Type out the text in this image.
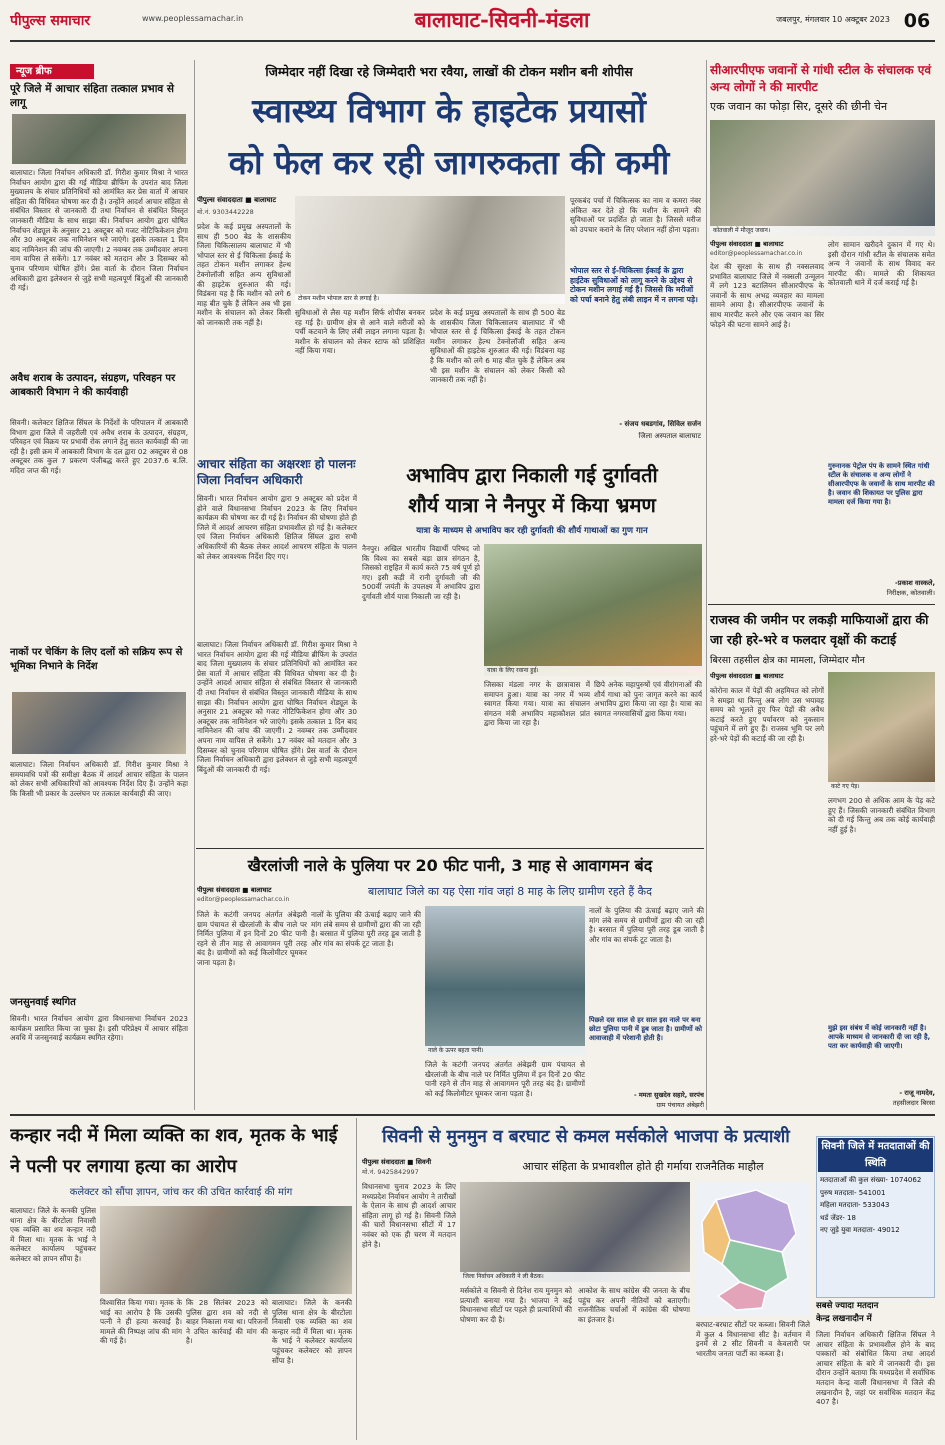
पीपुल्स समाचार	www.peoplessamachar.in	बालाघाट-सिवनी-मंडला	जबलपुर, मंगलवार 10 अक्टूबर 2023 06
न्यूज ब्रीफ
पूरे जिले में आचार संहिता तत्काल प्रभाव से लागू
बालाघाट। जिला निर्वाचन अधिकारी डॉ. गिरीश कुमार मिश्रा ने भारत निर्वाचन आयोग द्वारा की गई मीडिया ब्रीफिंग के उपरांत बाद जिला मुख्यालय के संचार प्रतिनिधियों को आमंत्रित कर प्रेस वार्ता में आचार संहिता की विधिवत घोषणा कर दी है। उन्होंने आदर्श आचार संहिता से संबंधित विस्तार से जानकारी दी तथा निर्वाचन से संबंधित विस्तृत जानकारी मीडिया के साथ साझा की। निर्वाचन आयोग द्वारा घोषित निर्वाचन शेड्यूल के अनुसार 21 अक्टूबर को गजट नोटिफिकेशन होगा और 30 अक्टूबर तक नामिनेशन भरे जाएंगे। इसके तत्काल 1 दिन बाद नामिनेशन की जांच की जाएगी। 2 नवम्बर तक उम्मीदवार अपना नाम वापिस ले सकेंगे। 17 नवंबर को मतदान और 3 दिसम्बर को चुनाव परिणाम घोषित होंगे। प्रेस वार्ता के दौरान जिला निर्वाचन अधिकारी द्वारा इलेक्शन से जुड़े सभी महत्वपूर्ण बिंदुओं की जानकारी दी गई।
अवैध शराब के उत्पादन, संग्रहण, परिवहन पर आबकारी विभाग ने की कार्यवाही
सिवनी। कलेक्टर क्षितिज सिंघल के निर्देशों के परिपालन में आबकारी विभाग द्वारा जिले में जहरीली एवं अवैध शराब के उत्पादन, संग्रहण, परिवहन एवं विक्रय पर प्रभावी रोक लगाने हेतु सतत कार्यवाही की जा रही है। इसी क्रम में आबकारी विभाग के दल द्वारा 02 अक्टूबर से 08 अक्टूबर तक कुल 7 प्रकरण पंजीबद्ध करते हुए 2037.6 ब.लि. मदिरा जप्त की गई।
नाकों पर चेकिंग के लिए दलों को सक्रिय रूप से भूमिका निभाने के निर्देश
बालाघाट। जिला निर्वाचन अधिकारी डॉ. गिरीश कुमार मिश्रा ने समयावधि पत्रों की समीक्षा बैठक में आदर्श आचार संहिता के पालन को लेकर सभी अधिकारियों को आवश्यक निर्देश दिए हैं। उन्होंने कहा कि किसी भी प्रकार के उल्लंघन पर तत्काल कार्यवाही की जाए।
जनसुनवाई स्थगित
सिवनी। भारत निर्वाचन आयोग द्वारा विधानसभा निर्वाचन 2023 कार्यक्रम प्रसारित किया जा चुका है। इसी परिप्रेक्ष्य में आचार संहिता अवधि में जनसुनवाई कार्यक्रम स्थगित रहेगा।
जिम्मेदार नहीं दिखा रहे जिम्मेदारी भरा रवैया, लाखों की टोकन मशीन बनी शोपीस
स्वास्थ्य विभाग के हाइटेक प्रयासों
को फेल कर रही जागरुकता की कमी
पीपुल्स संवाददाता ■ बालाघाट
मो.नं. 9303442228
प्रदेश के कई प्रमुख अस्पतालों के साथ ही 500 बेड के शासकीय जिला चिकित्सालय बालाघाट में भी भोपाल स्तर से ई चिकित्सा ईकाई के तहत टोकन मशीन लगाकर हेल्थ टेक्नोलॉजी सहित अन्य सुविधाओं की हाइटेक शुरुआत की गई। विडंबना यह है कि मशीन को लगे 6 माह बीत चुके हैं लेकिन अब भी इस मशीन के संचालन को लेकर किसी को जानकारी तक नहीं है।
टोकन मशीन भोपाल स्तर से लगाई है।
सुविधाओं से लैस यह मशीन सिर्फ शोपीस बनकर रह गई है। ग्रामीण क्षेत्र से आने वाले मरीजों को पर्ची कटवाने के लिए लंबी लाइन लगाना पड़ता है। मशीन के संचालन को लेकर स्टाफ को प्रशिक्षित नहीं किया गया।
प्रदेश के कई प्रमुख अस्पतालों के साथ ही 500 बेड के शासकीय जिला चिकित्सालय बालाघाट में भी भोपाल स्तर से ई चिकित्सा ईकाई के तहत टोकन मशीन लगाकर हेल्थ टेक्नोलॉजी सहित अन्य सुविधाओं की हाइटेक शुरुआत की गई। विडंबना यह है कि मशीन को लगे 6 माह बीत चुके हैं लेकिन अब भी इस मशीन के संचालन को लेकर किसी को जानकारी तक नहीं है।
पूरकबंद पर्चा में चिकित्सक का नाम व कमरा नंबर अंकित कर देते हो कि मशीन के सामने की सुविधाओं पर प्रदर्शित हो जाता है। जिससे मरीज को उपचार कराने के लिए परेशान नहीं होना पड़ता।
भोपाल स्तर से ई-चिकित्सा ईकाई के द्वारा हाईटेक सुविधाओं को लागू करने के उद्देश्य से टोकन मशीन लगाई गई है। जिससे कि मरीजों को पर्चा बनाने हेतु लंबी लाइन में न लगना पड़े।
- संजय धबडगांव, सिविल सर्जन
जिला अस्पताल बालाघाट
आचार संहिता का अक्षरशः हो पालनः जिला निर्वाचन अधिकारी
सिवनी। भारत निर्वाचन आयोग द्वारा 9 अक्टूबर को प्रदेश में होने वाले विधानसभा निर्वाचन 2023 के लिए निर्वाचन कार्यक्रम की घोषणा कर दी गई है। निर्वाचन की घोषणा होते ही जिले में आदर्श आचरण संहिता प्रभावशील हो गई है। कलेक्टर एवं जिला निर्वाचन अधिकारी क्षितिज सिंघल द्वारा सभी अधिकारियों की बैठक लेकर आदर्श आचरण संहिता के पालन को लेकर आवश्यक निर्देश दिए गए।
बालाघाट। जिला निर्वाचन अधिकारी डॉ. गिरीश कुमार मिश्रा ने भारत निर्वाचन आयोग द्वारा की गई मीडिया ब्रीफिंग के उपरांत बाद जिला मुख्यालय के संचार प्रतिनिधियों को आमंत्रित कर प्रेस वार्ता में आचार संहिता की विधिवत घोषणा कर दी है। उन्होंने आदर्श आचार संहिता से संबंधित विस्तार से जानकारी दी तथा निर्वाचन से संबंधित विस्तृत जानकारी मीडिया के साथ साझा की। निर्वाचन आयोग द्वारा घोषित निर्वाचन शेड्यूल के अनुसार 21 अक्टूबर को गजट नोटिफिकेशन होगा और 30 अक्टूबर तक नामिनेशन भरे जाएंगे। इसके तत्काल 1 दिन बाद नामिनेशन की जांच की जाएगी। 2 नवम्बर तक उम्मीदवार अपना नाम वापिस ले सकेंगे। 17 नवंबर को मतदान और 3 दिसम्बर को चुनाव परिणाम घोषित होंगे। प्रेस वार्ता के दौरान जिला निर्वाचन अधिकारी द्वारा इलेक्शन से जुड़े सभी महत्वपूर्ण बिंदुओं की जानकारी दी गई।
अभाविप द्वारा निकाली गई दुर्गावती
शौर्य यात्रा ने नैनपुर में किया भ्रमण
यात्रा के माध्यम से अभाविप कर रही दुर्गावती की शौर्य गाथाओं का गुण गान
नैनपुर। अखिल भारतीय विद्यार्थी परिषद जो कि विश्व का सबसे बड़ा छात्र संगठन है, जिसको राष्ट्रहित में कार्य करते 75 वर्ष पूर्ण हो गए। इसी कड़ी में रानी दुर्गावती जी की 500वीं जयंती के उपलक्ष्य में अभाविप द्वारा दुर्गावती शौर्य यात्रा निकाली जा रही है।
यात्रा के लिए रवाना हुई।
जिसका मंडला नगर के छात्रावास में समापन हुआ। यात्रा का नगर में भव्य स्वागत किया गया। यात्रा का संचालन संगठन मंत्री अभाविप महाकौशल प्रांत द्वारा किया जा रहा है।
छिपे अनेक महापुरुषों एवं वीरांगनाओं की शौर्य गाथा को पुनः जागृत करने का कार्य अभाविप द्वारा किया जा रहा है। यात्रा का स्वागत नगरवासियों द्वारा किया गया।
सीआरपीएफ जवानों से गांधी स्टील के संचालक एवं अन्य लोगों ने की मारपीट
एक जवान का फोड़ा सिर, दूसरे की छीनी चेन
कोतवाली में मौजूद जवान।
पीपुल्स संवाददाता ■ बालाघाट
editor@peoplessamachar.co.in
देश की सुरक्षा के साथ ही नक्सलवाद प्रभावित बालाघाट जिले में नक्सली उन्मूलन में लगे 123 बटालियन सीआरपीएफ के जवानों के साथ अभद्र व्यवहार का मामला सामने आया है। सीआरपीएफ जवानों के साथ मारपीट करने और एक जवान का सिर फोड़ने की घटना सामने आई है।
लोग सामान खरीदने दुकान में गए थे। इसी दौरान गांधी स्टील के संचालक समेत अन्य ने जवानों के साथ विवाद कर मारपीट की। मामले की शिकायत कोतवाली थाने में दर्ज कराई गई है।
गुरुनानक पेट्रोल पंप के सामने स्थित गांधी स्टील के संचालक व अन्य लोगों ने सीआरपीएफ के जवानों के साथ मारपीट की है। जवान की शिकायत पर पुलिस द्वारा मामला दर्ज किया गया है।
-प्रकाश वास्कले,
निरीक्षक, कोतवाली।
राजस्व की जमीन पर लकड़ी माफियाओं द्वारा की जा रही हरे-भरे व फलदार वृक्षों की कटाई
बिरसा तहसील क्षेत्र का मामला, जिम्मेदार मौन
पीपुल्स संवाददाता ■ बालाघाट
कोरोना काल में पेड़ों की अहमियत को लोगों ने समझा था किन्तु अब लोग उस भयावह समय को भूलते हुए फिर पेड़ों की अवैध कटाई करते हुए पर्यावरण को नुकसान पहुंचाने में लगे हुए हैं। राजस्व भूमि पर लगे हरे-भरे पेड़ों की कटाई की जा रही है।
काटे गए पेड़।
लगभग 200 से अधिक आम के पेड़ कटे हुए हैं। जिसकी जानकारी संबंधित विभाग को दी गई किन्तु अब तक कोई कार्यवाही नहीं हुई है।
मुझे इस संबंध में कोई जानकारी नहीं है। आपके माध्यम से जानकारी दी जा रही है, पता कर कार्यवाही की जाएगी।
- राजू नामदेव,
तहसीलदार बिरसा
खैरलांजी नाले के पुलिया पर 20 फीट पानी, 3 माह से आवागमन बंद
पीपुल्स संवाददाता ■ बालाघाट
editor@peoplessamachar.co.in
बालाघाट जिले का यह ऐसा गांव जहां 8 माह के लिए ग्रामीण रहते हैं कैद
जिले के कटंगी जनपद अंतर्गत अंबेझरी ग्राम पंचायत से खैरलांजी के बीच नाले पर निर्मित पुलिया में इन दिनों 20 फीट पानी रहने से तीन माह से आवागमन पूरी तरह बंद है। ग्रामीणों को कई किलोमीटर घूमकर जाना पड़ता है।
नालों के पुलिया की ऊंचाई बढ़ाए जाने की मांग लंबे समय से ग्रामीणों द्वारा की जा रही है। बरसात में पुलिया पूरी तरह डूब जाती है और गांव का संपर्क टूट जाता है।
नाले के ऊपर बहता पानी।
जिले के कटंगी जनपद अंतर्गत अंबेझरी ग्राम पंचायत से खैरलांजी के बीच नाले पर निर्मित पुलिया में इन दिनों 20 फीट पानी रहने से तीन माह से आवागमन पूरी तरह बंद है। ग्रामीणों को कई किलोमीटर घूमकर जाना पड़ता है।
नालों के पुलिया की ऊंचाई बढ़ाए जाने की मांग लंबे समय से ग्रामीणों द्वारा की जा रही है। बरसात में पुलिया पूरी तरह डूब जाती है और गांव का संपर्क टूट जाता है।
पिछले दस साल से हर साल इस नाले पर बना छोटा पुलिया पानी में डूब जाता है। ग्रामीणों को आवाजाही में परेशानी होती है।
- ममता सुखदेव सहारे, सरपंच
ग्राम पंचायत अंबेझरी
कन्हार नदी में मिला व्यक्ति का शव, मृतक के भाई ने पत्नी पर लगाया हत्या का आरोप
कलेक्टर को सौंपा ज्ञापन, जांच कर की उचित कार्रवाई की मांग
बालाघाट। जिले के कनकी पुलिस थाना क्षेत्र के बीरटोला निवासी एक व्यक्ति का शव कन्हार नदी में मिला था। मृतक के भाई ने कलेक्टर कार्यालय पहुंचकर कलेक्टर को ज्ञापन सौंपा है।
विश्वासित किया गया। मृतक के भाई का आरोप है कि उसकी पत्नी ने ही हत्या करवाई है। मामले की निष्पक्ष जांच की मांग की गई है।
कि 28 सितंबर 2023 को पुलिस द्वारा शव को नदी से बाहर निकाला गया था। परिजनों ने उचित कार्रवाई की मांग की है।
बालाघाट। जिले के कनकी पुलिस थाना क्षेत्र के बीरटोला निवासी एक व्यक्ति का शव कन्हार नदी में मिला था। मृतक के भाई ने कलेक्टर कार्यालय पहुंचकर कलेक्टर को ज्ञापन सौंपा है।
सिवनी से मुनमुन व बरघाट से कमल मर्सकोले भाजपा के प्रत्याशी
पीपुल्स संवाददाता ■ सिवनी
मो.नं. 9425842997	आचार संहिता के प्रभावशील होते ही गर्माया राजनैतिक माहौल
विधानसभा चुनाव 2023 के लिए मध्यप्रदेश निर्वाचन आयोग ने तारीखों के ऐलान के साथ ही आदर्श आचार संहिता लागू हो गई है। सिवनी जिले की चारों विधानसभा सीटों में 17 नवंबर को एक ही चरण में मतदान होने है।
जिला निर्वाचन अधिकारी ने ली बैठक।
मर्सकोले व सिवनी से दिनेश राय मुनमुन को प्रत्याशी बनाया गया है। भाजपा ने कई विधानसभा सीटों पर पहले ही प्रत्याशियों की घोषणा कर दी है।
आकोश के साथ कांग्रेस की जनता के बीच पहुंच कर अपनी नीतियों को बताएगी। राजनीतिक चर्चाओं में कांग्रेस की घोषणा का इंतजार है।
बरघाट-बरघाट सीटों पर कब्जा। सिवनी जिले में कुल 4 विधानसभा सीट है। वर्तमान में इनमें से 2 सीट सिवनी व केवलारी पर भारतीय जनता पार्टी का कब्जा है।
सिवनी जिले में मतदाताओं की स्थिति
मतदाताओं की कुल संख्या- 1074062
पुरुष मतदाता- 541001
महिला मतदाता- 533043
थर्ड जेंडर- 18
नए जुड़े युवा मतदाता- 49012
सबसे ज्यादा मतदान
केन्द्र लखनादौन में
जिला निर्वाचन अधिकारी क्षितिज सिंघल ने आचार संहिता के प्रभावशील होने के बाद पत्रकारों को संबोधित किया तथा आदर्श आचार संहिता के बारे में जानकारी दी। इस दौरान उन्होंने बताया कि मध्यप्रदेश में सर्वाधिक मतदान केन्द्र वाली विधानसभा में जिले की लखनादौन है, जहां पर सर्वाधिक मतदान केंद्र 407 है।
